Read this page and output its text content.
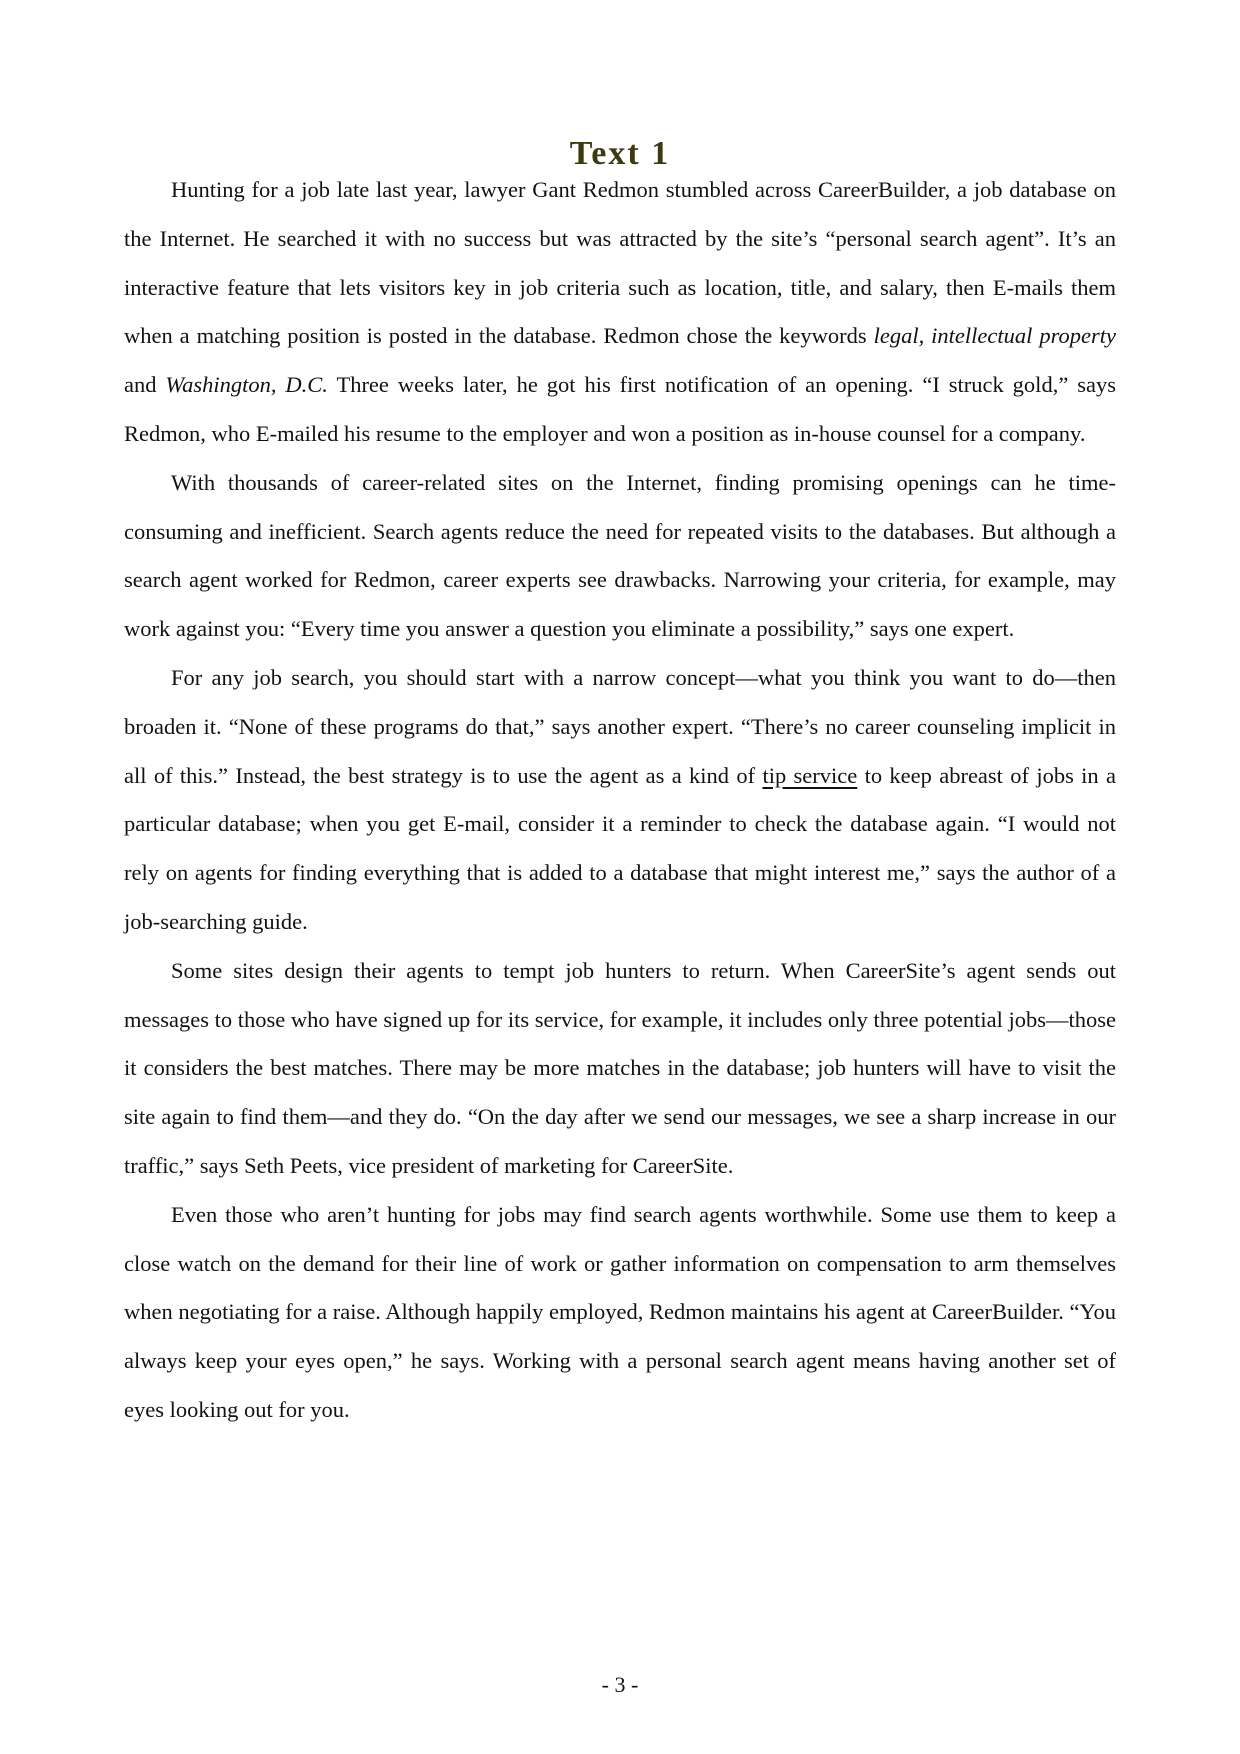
Text 1

Hunting for a job late last year, lawyer Gant Redmon stumbled across CareerBuilder, a job database on the Internet. He searched it with no success but was attracted by the site’s “personal search agent”. It’s an interactive feature that lets visitors key in job criteria such as location, title, and salary, then E-mails them when a matching position is posted in the database. Redmon chose the keywords legal, intellectual property and Washington, D.C. Three weeks later, he got his first notification of an opening. “I struck gold,” says Redmon, who E-mailed his resume to the employer and won a position as in-house counsel for a company.

With thousands of career-related sites on the Internet, finding promising openings can he time-consuming and inefficient. Search agents reduce the need for repeated visits to the databases. But although a search agent worked for Redmon, career experts see drawbacks. Narrowing your criteria, for example, may work against you: “Every time you answer a question you eliminate a possibility,” says one expert.

For any job search, you should start with a narrow concept—what you think you want to do—then broaden it. “None of these programs do that,” says another expert. “There’s no career counseling implicit in all of this.” Instead, the best strategy is to use the agent as a kind of tip service to keep abreast of jobs in a particular database; when you get E-mail, consider it a reminder to check the database again. “I would not rely on agents for finding everything that is added to a database that might interest me,” says the author of a job-searching guide.

Some sites design their agents to tempt job hunters to return. When CareerSite’s agent sends out messages to those who have signed up for its service, for example, it includes only three potential jobs—those it considers the best matches. There may be more matches in the database; job hunters will have to visit the site again to find them—and they do. “On the day after we send our messages, we see a sharp increase in our traffic,” says Seth Peets, vice president of marketing for CareerSite.

Even those who aren’t hunting for jobs may find search agents worthwhile. Some use them to keep a close watch on the demand for their line of work or gather information on compensation to arm themselves when negotiating for a raise. Although happily employed, Redmon maintains his agent at CareerBuilder. “You always keep your eyes open,” he says. Working with a personal search agent means having another set of eyes looking out for you.

- 3 -
